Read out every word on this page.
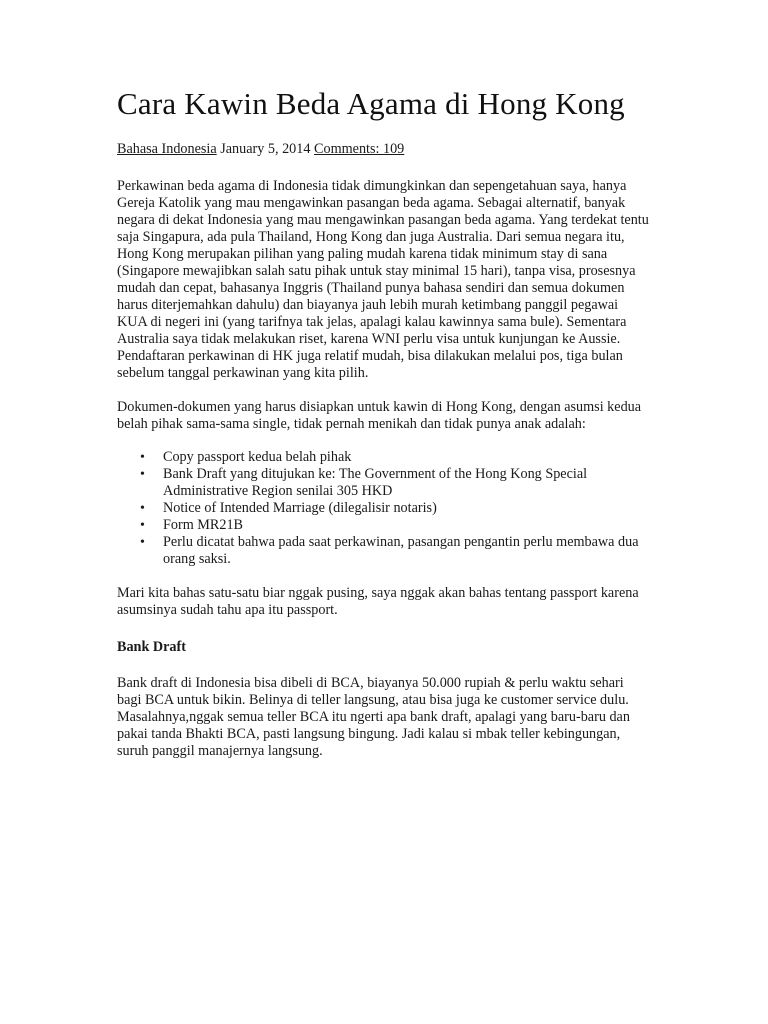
Cara Kawin Beda Agama di Hong Kong
Bahasa Indonesia January 5, 2014 Comments: 109

Perkawinan beda agama di Indonesia tidak dimungkinkan dan sepengetahuan saya, hanya Gereja Katolik yang mau mengawinkan pasangan beda agama. Sebagai alternatif, banyak negara di dekat Indonesia yang mau mengawinkan pasangan beda agama. Yang terdekat tentu saja Singapura, ada pula Thailand, Hong Kong dan juga Australia. Dari semua negara itu, Hong Kong merupakan pilihan yang paling mudah karena tidak minimum stay di sana (Singapore mewajibkan salah satu pihak untuk stay minimal 15 hari), tanpa visa, prosesnya mudah dan cepat, bahasanya Inggris (Thailand punya bahasa sendiri dan semua dokumen harus diterjemahkan dahulu) dan biayanya jauh lebih murah ketimbang panggil pegawai KUA di negeri ini (yang tarifnya tak jelas, apalagi kalau kawinnya sama bule). Sementara Australia saya tidak melakukan riset, karena WNI perlu visa untuk kunjungan ke Aussie. Pendaftaran perkawinan di HK juga relatif mudah, bisa dilakukan melalui pos, tiga bulan sebelum tanggal perkawinan yang kita pilih.

Dokumen-dokumen yang harus disiapkan untuk kawin di Hong Kong, dengan asumsi kedua belah pihak sama-sama single, tidak pernah menikah dan tidak punya anak adalah:

• Copy passport kedua belah pihak
• Bank Draft yang ditujukan ke: The Government of the Hong Kong Special Administrative Region senilai 305 HKD
• Notice of Intended Marriage (dilegalisir notaris)
• Form MR21B
• Perlu dicatat bahwa pada saat perkawinan, pasangan pengantin perlu membawa dua orang saksi.

Mari kita bahas satu-satu biar nggak pusing, saya nggak akan bahas tentang passport karena asumsinya sudah tahu apa itu passport.

Bank Draft

Bank draft di Indonesia bisa dibeli di BCA, biayanya 50.000 rupiah & perlu waktu sehari bagi BCA untuk bikin. Belinya di teller langsung, atau bisa juga ke customer service dulu. Masalahnya,nggak semua teller BCA itu ngerti apa bank draft, apalagi yang baru-baru dan pakai tanda Bhakti BCA, pasti langsung bingung. Jadi kalau si mbak teller kebingungan, suruh panggil manajernya langsung.
